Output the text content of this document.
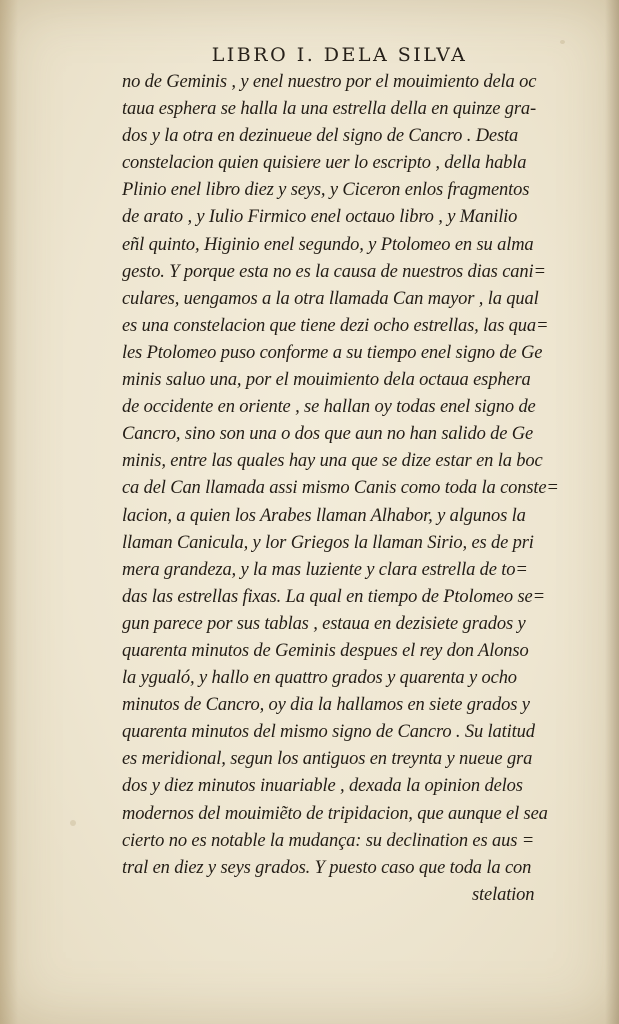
LIBRO I. DELA SILVA
no de Geminis , y enel nuestro por el mouimiento dela oc
taua esphera se halla la una estrella della en quinze gra-
dos y la otra en dezinueue del signo de Cancro . Desta
constelacion quien quisiere uer lo escripto , della habla
Plinio enel libro diez y seys, y Ciceron enlos fragmentos
de arato , y Iulio Firmico enel octauo libro , y Manilio
eñl quinto, Higinio enel segundo, y Ptolomeo en su alma
gesto. Y porque esta no es la causa de nuestros dias cani=
culares, uengamos a la otra llamada Can mayor , la qual
es una constelacion que tiene dezi ocho estrellas, las qua=
les Ptolomeo puso conforme a su tiempo enel signo de Ge
minis saluo una, por el mouimiento dela octaua esphera
de occidente en oriente , se hallan oy todas enel signo de
Cancro, sino son una o dos que aun no han salido de Ge
minis, entre las quales hay una que se dize estar en la boc
ca del Can llamada assi mismo Canis como toda la conste=
lacion, a quien los Arabes llaman Alhabor, y algunos la
llaman Canicula, y lor Griegos la llaman Sirio, es de pri
mera grandeza, y la mas luziente y clara estrella de to=
das las estrellas fixas. La qual en tiempo de Ptolomeo se=
gun parece por sus tablas , estaua en dezisiete grados y
quarenta minutos de Geminis despues el rey don Alonso
la ygualó, y hallo en quattro grados y quarenta y ocho
minutos de Cancro, oy dia la hallamos en siete grados y
quarenta minutos del mismo signo de Cancro . Su latitud
es meridional, segun los antiguos en treynta y nueue gra
dos y diez minutos inuariable , dexada la opinion delos
modernos del mouimiẽto de tripidacion, que aunque el sea
cierto no es notable la mudança: su declination es aus =
tral en diez y seys grados. Y puesto caso que toda la con
stelation
